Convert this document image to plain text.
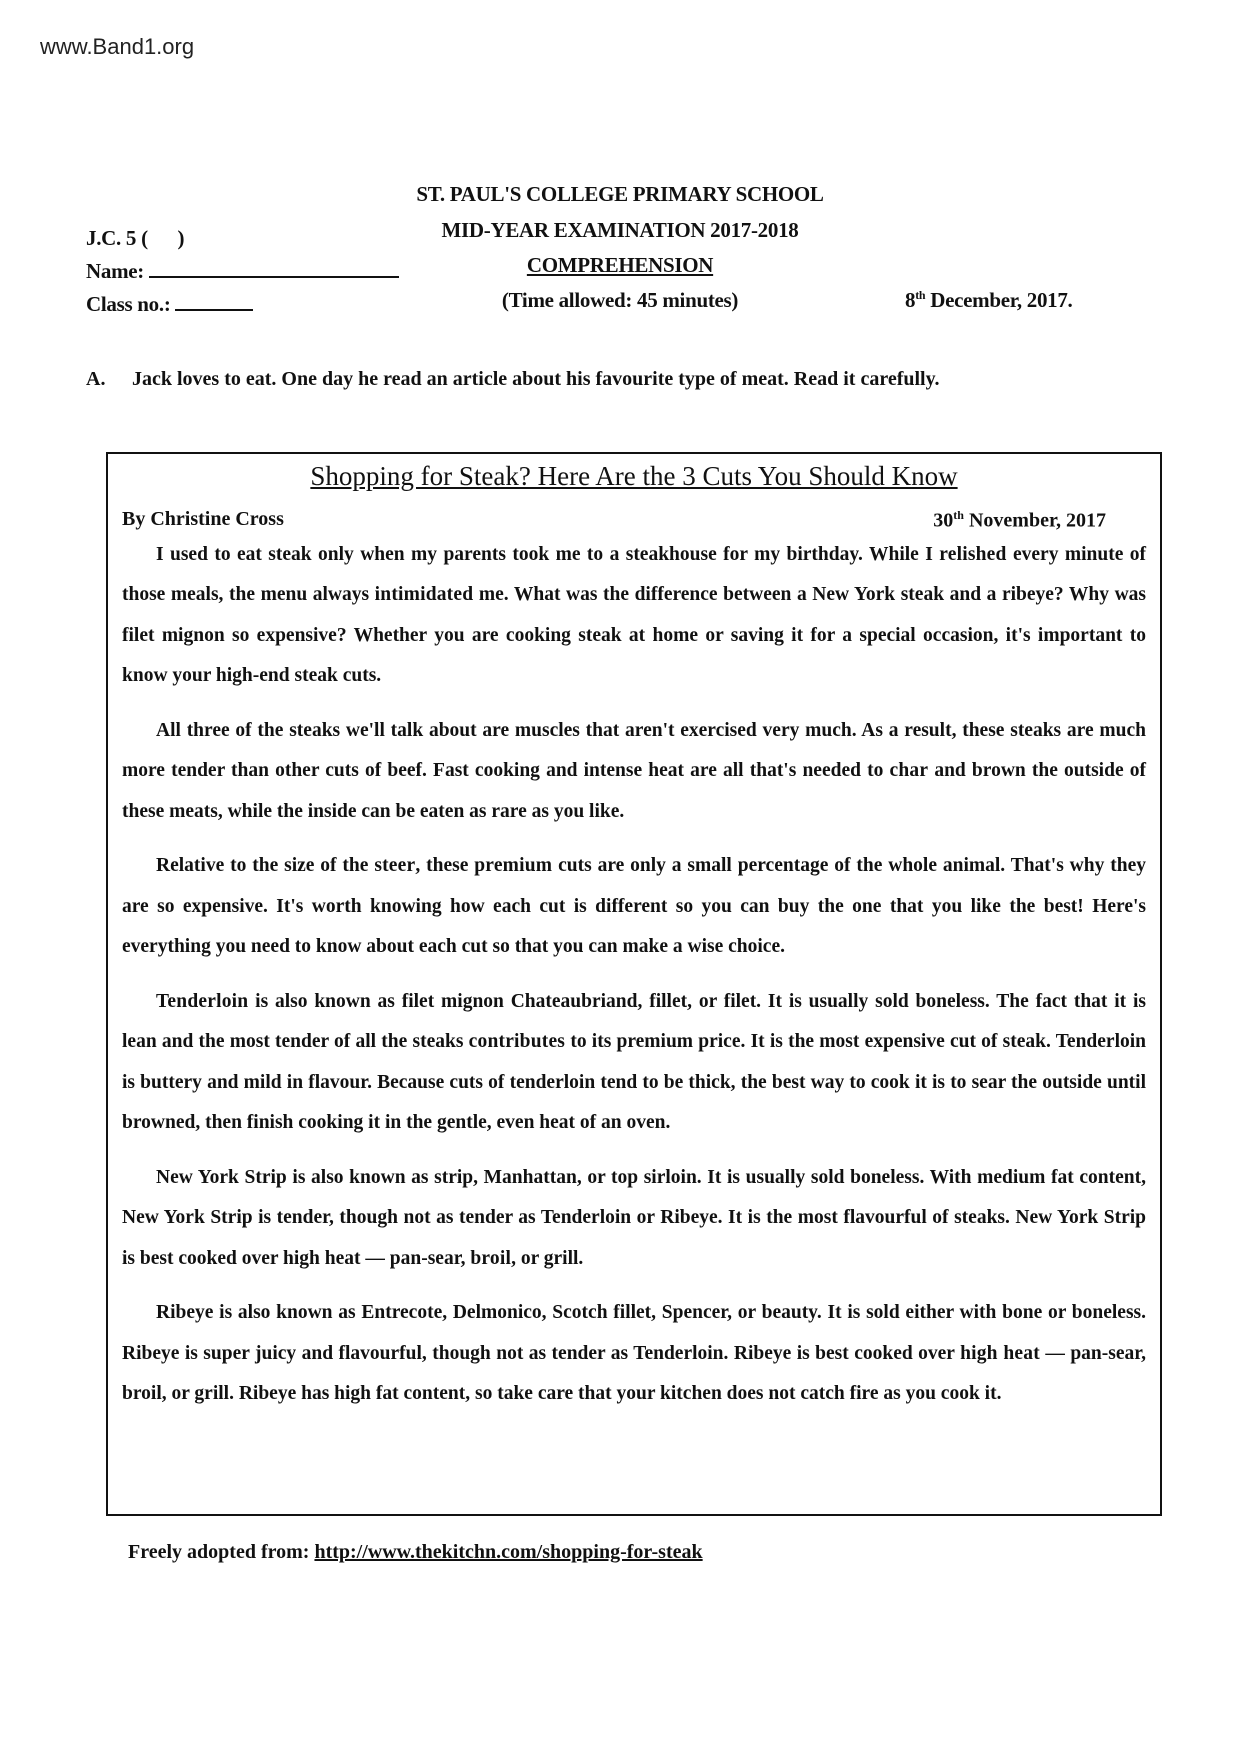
www.Band1.org
ST. PAUL'S COLLEGE PRIMARY SCHOOL
MID-YEAR EXAMINATION 2017-2018
COMPREHENSION
(Time allowed: 45 minutes)
J.C. 5 (      )
Name:
Class no.:	8th December, 2017.
A. Jack loves to eat. One day he read an article about his favourite type of meat. Read it carefully.
Shopping for Steak? Here Are the 3 Cuts You Should Know
By Christine Cross	30th November, 2017

I used to eat steak only when my parents took me to a steakhouse for my birthday. While I relished every minute of those meals, the menu always intimidated me. What was the difference between a New York steak and a ribeye? Why was filet mignon so expensive? Whether you are cooking steak at home or saving it for a special occasion, it's important to know your high-end steak cuts.

All three of the steaks we'll talk about are muscles that aren't exercised very much. As a result, these steaks are much more tender than other cuts of beef. Fast cooking and intense heat are all that's needed to char and brown the outside of these meats, while the inside can be eaten as rare as you like.

Relative to the size of the steer, these premium cuts are only a small percentage of the whole animal. That's why they are so expensive. It's worth knowing how each cut is different so you can buy the one that you like the best! Here's everything you need to know about each cut so that you can make a wise choice.

Tenderloin is also known as filet mignon Chateaubriand, fillet, or filet. It is usually sold boneless. The fact that it is lean and the most tender of all the steaks contributes to its premium price. It is the most expensive cut of steak. Tenderloin is buttery and mild in flavour. Because cuts of tenderloin tend to be thick, the best way to cook it is to sear the outside until browned, then finish cooking it in the gentle, even heat of an oven.

New York Strip is also known as strip, Manhattan, or top sirloin. It is usually sold boneless. With medium fat content, New York Strip is tender, though not as tender as Tenderloin or Ribeye. It is the most flavourful of steaks. New York Strip is best cooked over high heat — pan-sear, broil, or grill.

Ribeye is also known as Entrecote, Delmonico, Scotch fillet, Spencer, or beauty. It is sold either with bone or boneless. Ribeye is super juicy and flavourful, though not as tender as Tenderloin. Ribeye is best cooked over high heat — pan-sear, broil, or grill. Ribeye has high fat content, so take care that your kitchen does not catch fire as you cook it.

Freely adopted from: http://www.thekitchn.com/shopping-for-steak
